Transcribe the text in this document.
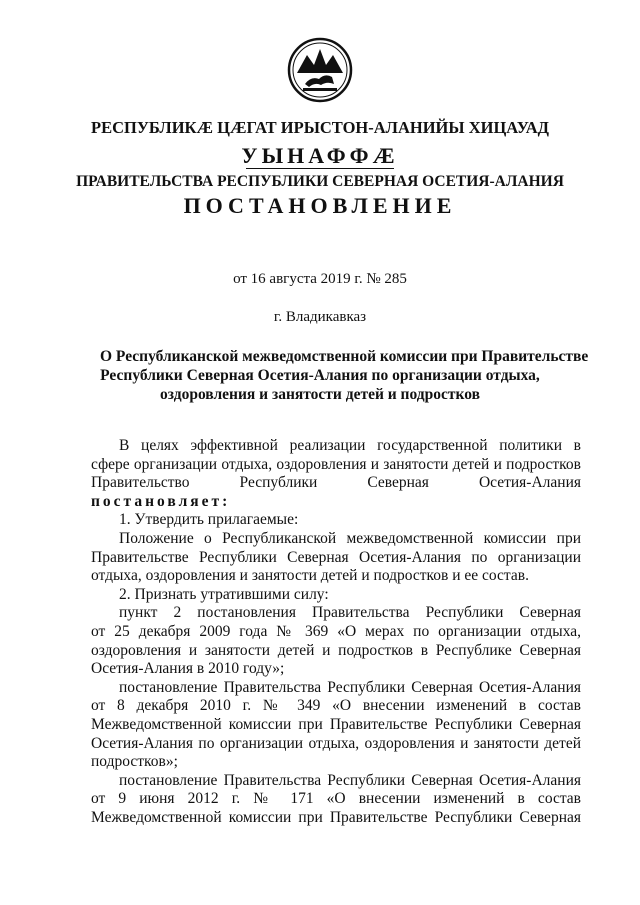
РЕСПУБЛИКӔ ЦӔГАТ ИРЫСТОН-АЛАНИЙЫ ХИЦАУАД
УЫНАФФӔ
ПРАВИТЕЛЬСТВА РЕСПУБЛИКИ СЕВЕРНАЯ ОСЕТИЯ-АЛАНИЯ
ПОСТАНОВЛЕНИЕ
от 16 августа 2019 г. № 285
г. Владикавказ
О Республиканской межведомственной комиссии при Правительстве
Республики Северная Осетия-Алания по организации отдыха,
оздоровления и занятости детей и подростков
В целях эффективной реализации государственной политики в
сфере организации отдыха, оздоровления и занятости детей и подростков
Правительство Республики Северная Осетия-Алания
постановляет:
1. Утвердить прилагаемые:
Положение о Республиканской межведомственной комиссии при
Правительстве Республики Северная Осетия-Алания по организации
отдыха, оздоровления и занятости детей и подростков и ее состав.
2. Признать утратившими силу:
пункт 2 постановления Правительства Республики Северная
от 25 декабря 2009 года № 369 «О мерах по организации отдыха,
оздоровления и занятости детей и подростков в Республике Северная
Осетия-Алания в 2010 году»;
постановление Правительства Республики Северная Осетия-Алания
от 8 декабря 2010 г. № 349 «О внесении изменений в состав
Межведомственной комиссии при Правительстве Республики Северная
Осетия-Алания по организации отдыха, оздоровления и занятости детей
подростков»;
постановление Правительства Республики Северная Осетия-Алания
от 9 июня 2012 г. № 171 «О внесении изменений в состав
Межведомственной комиссии при Правительстве Республики Северная
